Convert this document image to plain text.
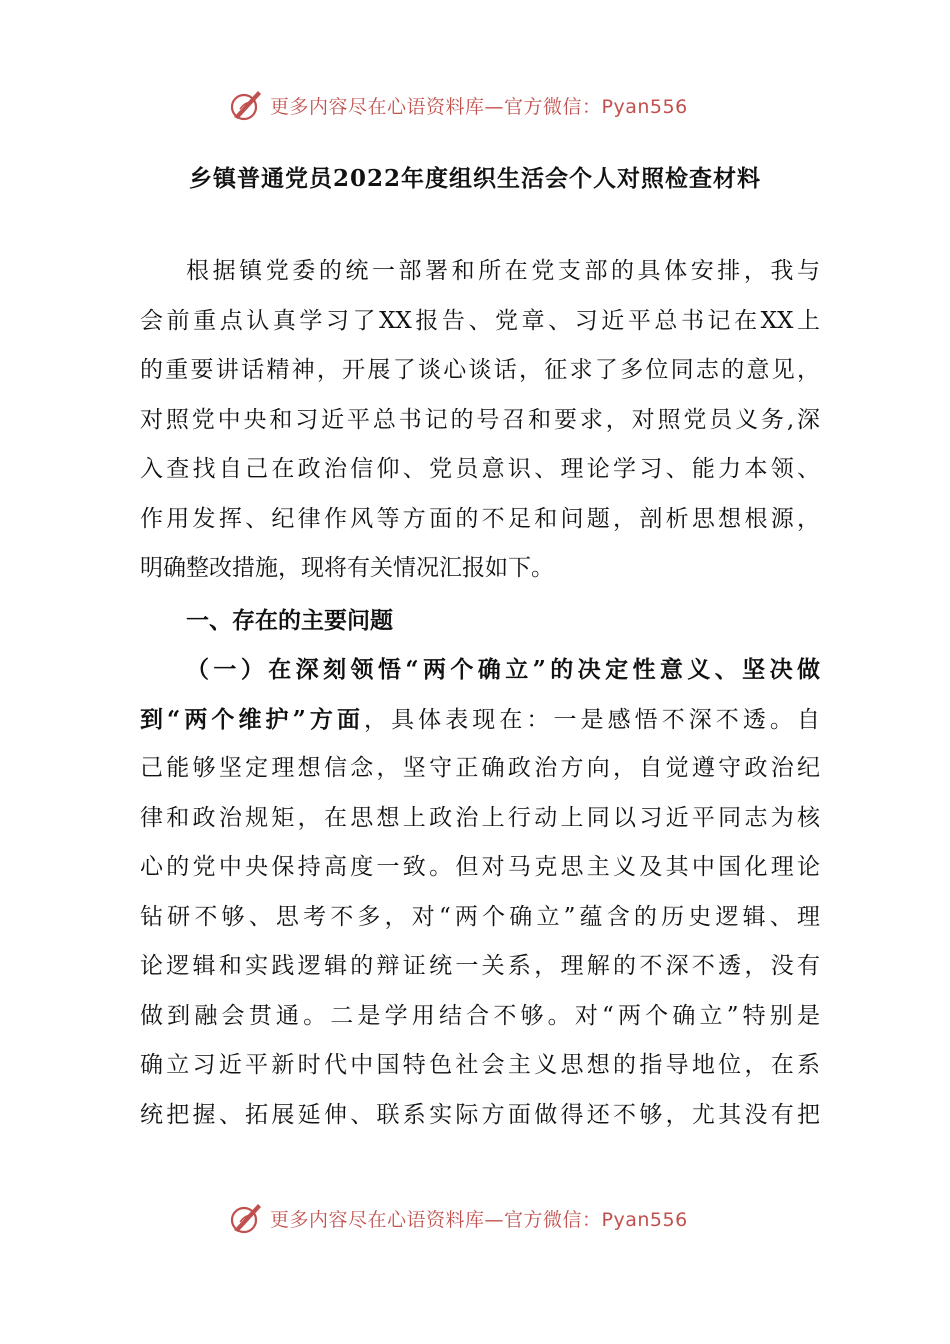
更多内容尽在心语资料库—官方微信：Pyan556
乡镇普通党员2022年度组织生活会个人对照检查材料
根据镇党委的统一部署和所在党支部的具体安排，我与
会前重点认真学习了XX报告、党章、习近平总书记在XX上
的重要讲话精神，开展了谈心谈话，征求了多位同志的意见，
对照党中央和习近平总书记的号召和要求，对照党员义务,深
入查找自己在政治信仰、党员意识、理论学习、能力本领、
作用发挥、纪律作风等方面的不足和问题，剖析思想根源，
明确整改措施，现将有关情况汇报如下。
一、存在的主要问题
（一）在深刻领悟“两个确立”的决定性意义、坚决做
到“两个维护”方面，具体表现在：一是感悟不深不透。自
己能够坚定理想信念，坚守正确政治方向，自觉遵守政治纪
律和政治规矩，在思想上政治上行动上同以习近平同志为核
心的党中央保持高度一致。但对马克思主义及其中国化理论
钻研不够、思考不多，对“两个确立”蕴含的历史逻辑、理
论逻辑和实践逻辑的辩证统一关系，理解的不深不透，没有
做到融会贯通。二是学用结合不够。对“两个确立”特别是
确立习近平新时代中国特色社会主义思想的指导地位，在系
统把握、拓展延伸、联系实际方面做得还不够，尤其没有把
更多内容尽在心语资料库—官方微信：Pyan556
